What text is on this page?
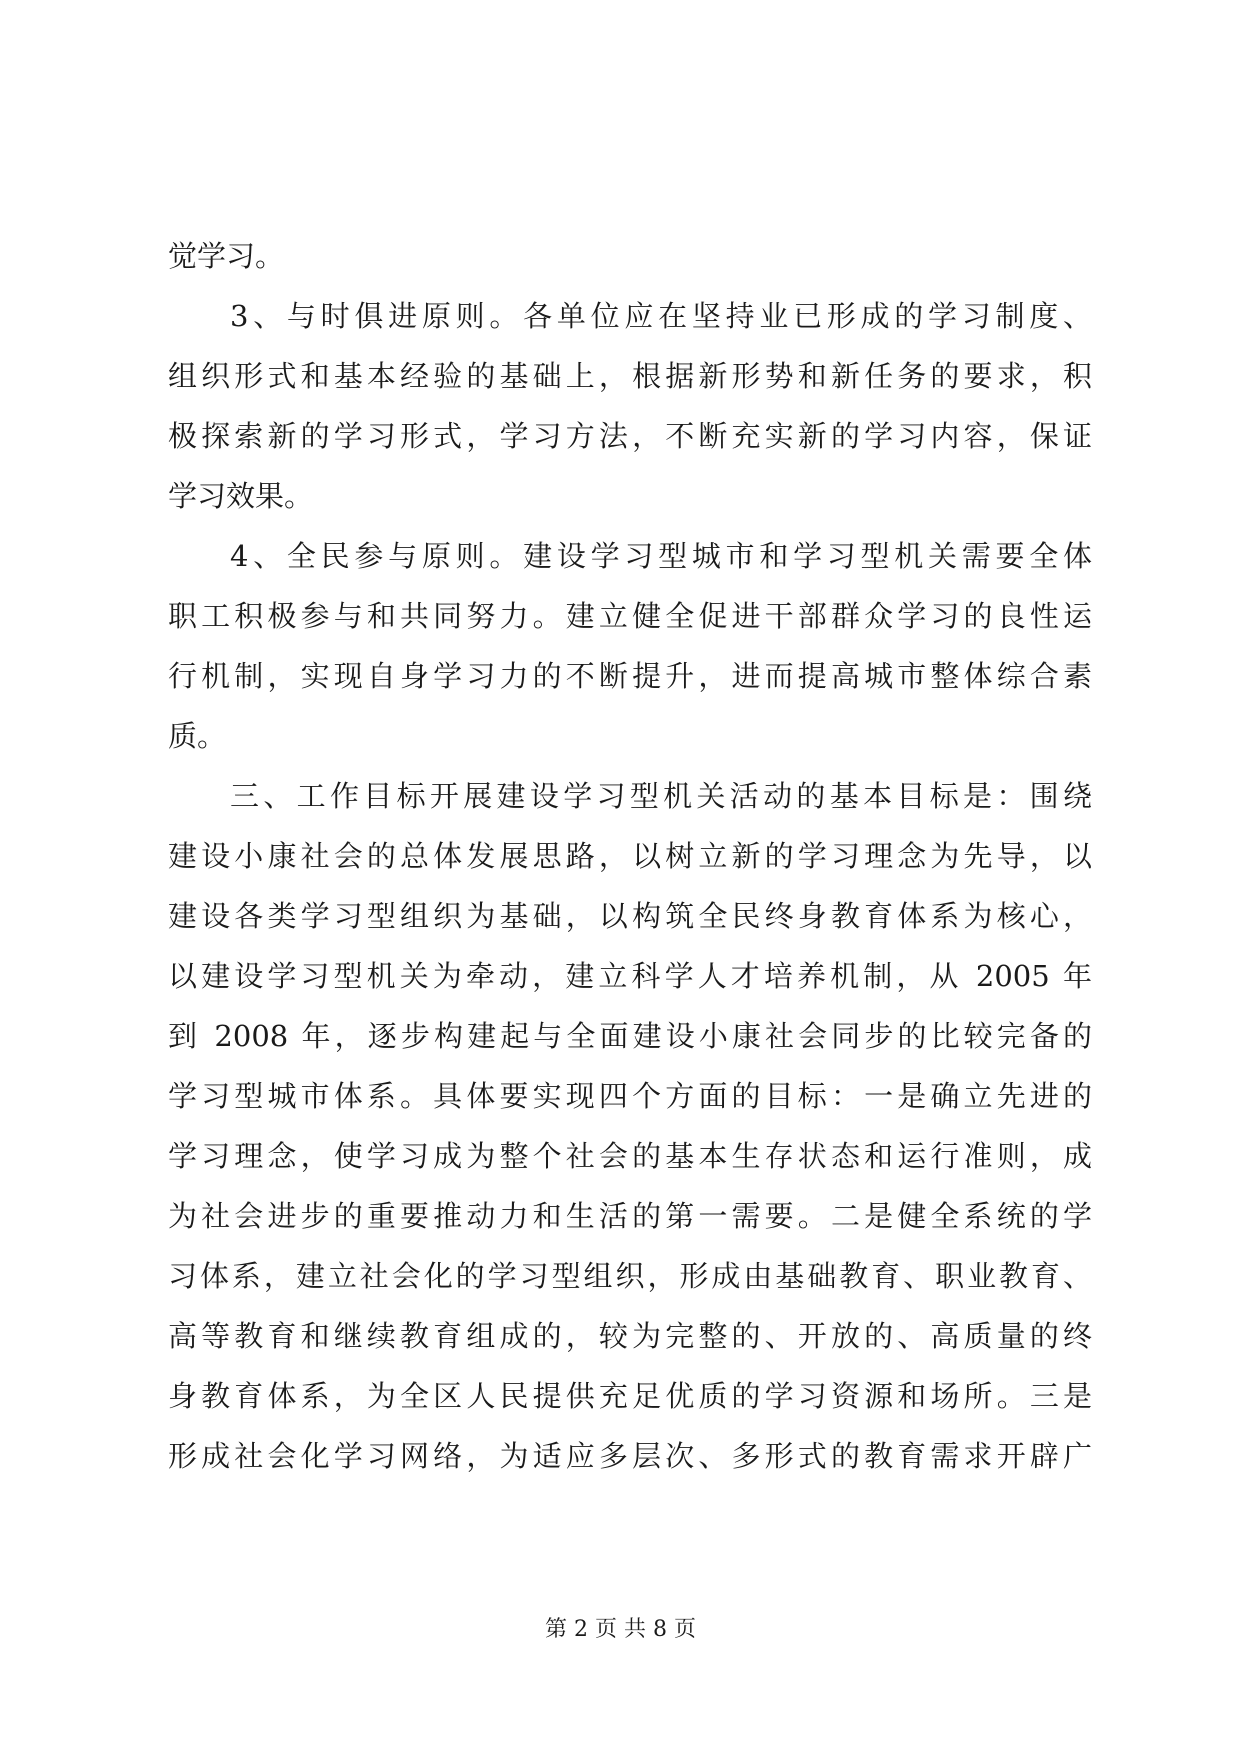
觉学习。
3、与时俱进原则。各单位应在坚持业已形成的学习制度、
组织形式和基本经验的基础上，根据新形势和新任务的要求，积
极探索新的学习形式，学习方法，不断充实新的学习内容，保证
学习效果。
4、全民参与原则。建设学习型城市和学习型机关需要全体
职工积极参与和共同努力。建立健全促进干部群众学习的良性运
行机制，实现自身学习力的不断提升，进而提高城市整体综合素
质。
三、工作目标开展建设学习型机关活动的基本目标是：围绕
建设小康社会的总体发展思路，以树立新的学习理念为先导，以
建设各类学习型组织为基础，以构筑全民终身教育体系为核心，
以建设学习型机关为牵动，建立科学人才培养机制，从 2005 年
到 2008 年，逐步构建起与全面建设小康社会同步的比较完备的
学习型城市体系。具体要实现四个方面的目标：一是确立先进的
学习理念，使学习成为整个社会的基本生存状态和运行准则，成
为社会进步的重要推动力和生活的第一需要。二是健全系统的学
习体系，建立社会化的学习型组织，形成由基础教育、职业教育、
高等教育和继续教育组成的，较为完整的、开放的、高质量的终
身教育体系，为全区人民提供充足优质的学习资源和场所。三是
形成社会化学习网络，为适应多层次、多形式的教育需求开辟广
第 2 页 共 8 页
